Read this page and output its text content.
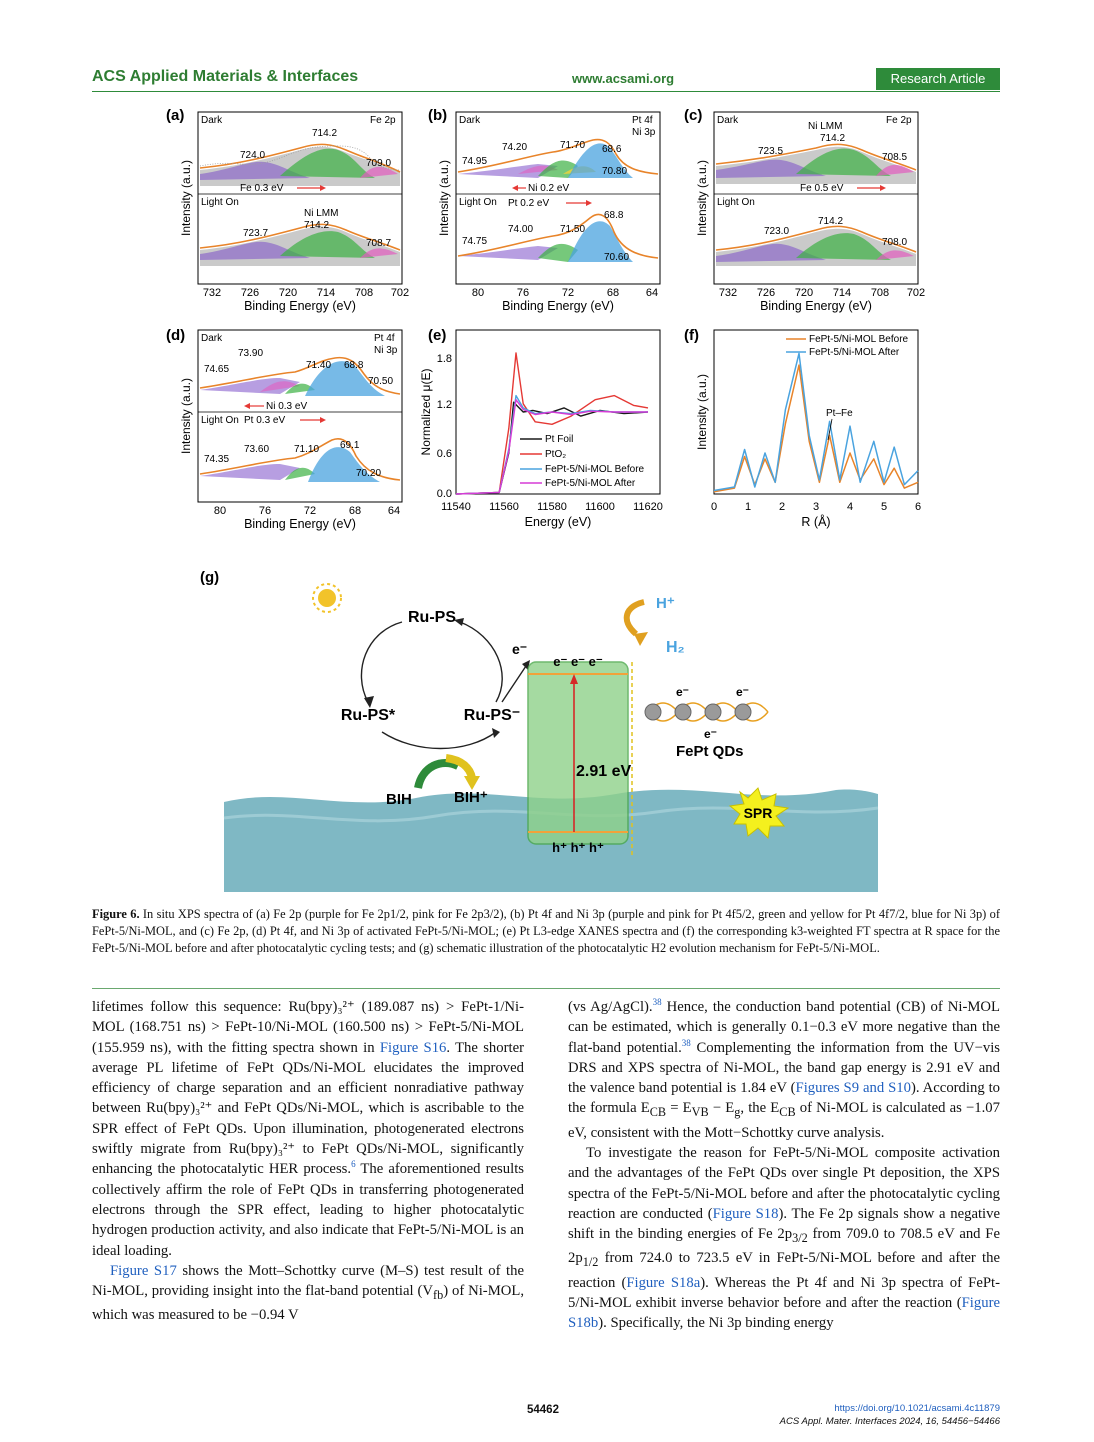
ACS Applied Materials & Interfaces	www.acsami.org	Research Article
(a) Dark	Fe 2p
Light On
724.0
714.2
709.0
Fe 0.3 eV
723.7
714.2
708.7
Ni LMM
732 726 720 714 708 702
Binding Energy (eV)
Intensity (a.u.)
(b) Dark	Pt 4f
Ni 3p
Light On
74.95
74.20	71.70 68.6
70.80
Ni 0.2 eV
Pt 0.2 eV
74.75
74.00	71.50
68.8
70.60
80	76	72	68 64
Binding Energy (eV)
Intensity (a.u.)
(c) Dark	Fe 2p
Light On
Ni LMM
723.5
714.2
708.5
Fe 0.5 eV
723.0
714.2
708.0
732 726 720 714 708 702
Binding Energy (eV)
Intensity (a.u.)
(d) Dark	Pt 4f
Ni 3p
Light On
74.65
73.90
71.40 68.8
70.50
Ni 0.3 eV
Pt 0.3 eV
74.35
73.60 71.10 69.1
70.20
80	76	72	68 64
Binding Energy (eV)
Intensity (a.u.)
(e)
0.0
0.6
1.2
1.8
11540 11560 11580 11600 11620
Pt Foil
PtO₂
FePt-5/Ni-MOL Before
FePt-5/Ni-MOL After
Energy (eV)
Normalized μ(E)
(f)	FePt-5/Ni-MOL Before
FePt-5/Ni-MOL After
Pt–Fe
0	1	2	3	4	5	6
R (Å)
Intensity (a.u.)
(g)
Ru-PS
Ru-PS*	Ru-PS⁻
e⁻
BIH	BIH⁺
e⁻ e⁻ e⁻
h⁺ h⁺ h⁺
2.91 eV
H⁺
H₂
e⁻	e⁻
e⁻
FePt QDs
SPR
Figure 6. In situ XPS spectra of (a) Fe 2p (purple for Fe 2p1/2, pink for Fe 2p3/2), (b) Pt 4f and Ni 3p (purple and pink for Pt 4f5/2, green and yellow for Pt 4f7/2, blue for Ni 3p) of FePt-5/Ni-MOL, and (c) Fe 2p, (d) Pt 4f, and Ni 3p of activated FePt-5/Ni-MOL; (e) Pt L3-edge XANES spectra and (f) the corresponding k3-weighted FT spectra at R space for the FePt-5/Ni-MOL before and after photocatalytic cycling tests; and (g) schematic illustration of the photocatalytic H2 evolution mechanism for FePt-5/Ni-MOL.

lifetimes follow this sequence: Ru(bpy)₃²⁺ (189.087 ns) > FePt-1/Ni-MOL (168.751 ns) > FePt-10/Ni-MOL (160.500 ns) > FePt-5/Ni-MOL (155.959 ns), with the fitting spectra shown in Figure S16. The shorter average PL lifetime of FePt QDs/Ni-MOL elucidates the improved efficiency of charge separation and an efficient nonradiative pathway between Ru(bpy)₃²⁺ and FePt QDs/Ni-MOL, which is ascribable to the SPR effect of FePt QDs. Upon illumination, photogenerated electrons swiftly migrate from Ru(bpy)₃²⁺ to FePt QDs/Ni-MOL, significantly enhancing the photocatalytic HER process.$^6$ The aforementioned results collectively affirm the role of FePt QDs in transferring photogenerated electrons through the SPR effect, leading to higher photocatalytic hydrogen production activity, and also indicate that FePt-5/Ni-MOL is an ideal loading.

Figure S17 shows the Mott–Schottky curve (M–S) test result of the Ni-MOL, providing insight into the flat-band potential $(V_{fb})$ of Ni-MOL, which was measured to be −0.94 V

(vs Ag/AgCl).$^{38}$ Hence, the conduction band potential (CB) of Ni-MOL can be estimated, which is generally 0.1−0.3 eV more negative than the flat-band potential.$^{38}$ Complementing the information from the UV−vis DRS and XPS spectra of Ni-MOL, the band gap energy is 2.91 eV and the valence band potential is 1.84 eV (Figures S9 and S10). According to the formula $E_{CB} = E_{VB} - E_g$, the $E_{CB}$ of Ni-MOL is calculated as −1.07 eV, consistent with the Mott−Schottky curve analysis.

To investigate the reason for FePt-5/Ni-MOL composite activation and the advantages of the FePt QDs over single Pt deposition, the XPS spectra of the FePt-5/Ni-MOL before and after the photocatalytic cycling reaction are conducted (Figure S18). The Fe 2p signals show a negative shift in the binding energies of Fe $2p_{3/2}$ from 709.0 to 708.5 eV and Fe $2p_{1/2}$ from 724.0 to 723.5 eV in FePt-5/Ni-MOL before and after the reaction (Figure S18a). Whereas the Pt 4f and Ni 3p spectra of FePt-5/Ni-MOL exhibit inverse behavior before and after the reaction (Figure S18b). Specifically, the Ni 3p binding energy

54462	https://doi.org/10.1021/acsami.4c11879
ACS Appl. Mater. Interfaces 2024, 16, 54456−54466
